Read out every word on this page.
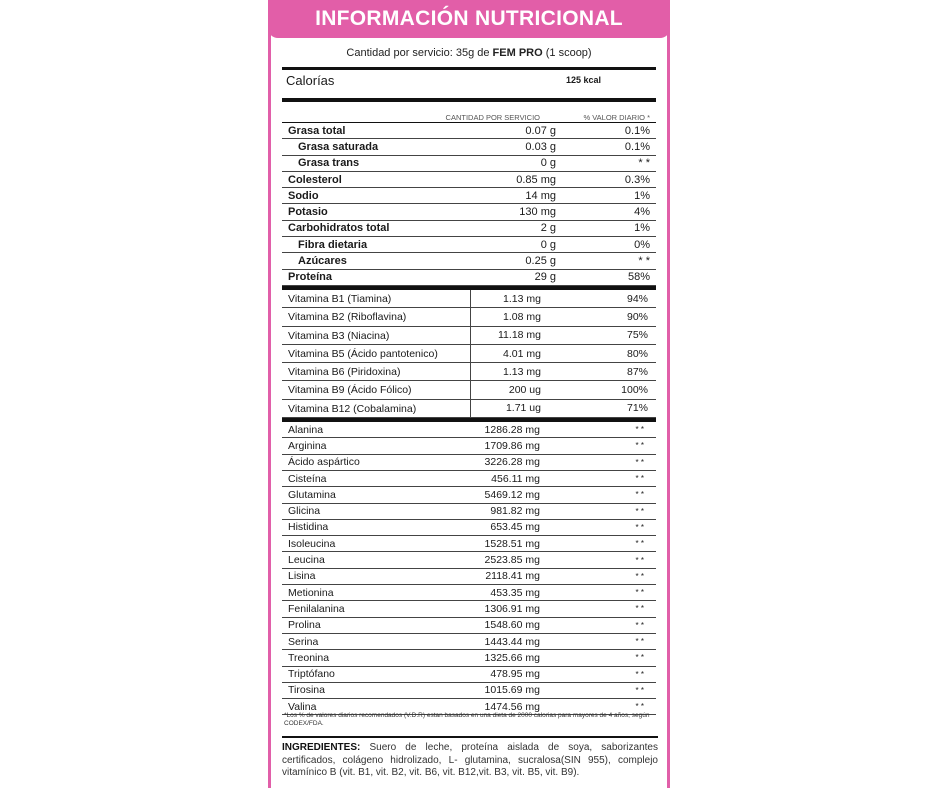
INFORMACIÓN NUTRICIONAL
Cantidad por servicio: 35g de FEM PRO (1 scoop)
Calorías	125 kcal
CANTIDAD POR SERVICIO	% VALOR DIARIO *
Grasa total	0.07 g	0.1%
Grasa saturada	0.03 g	0.1%
Grasa trans	0 g	* *
Colesterol	0.85 mg	0.3%
Sodio	14 mg	1%
Potasio	130 mg	4%
Carbohidratos total	2 g	1%
Fibra dietaria	0 g	0%
Azúcares	0.25 g	* *
Proteína	29 g	58%
Vitamina B1 (Tiamina)	1.13 mg	94%
Vitamina B2 (Riboflavina)	1.08 mg	90%
Vitamina B3 (Niacina)	11.18 mg	75%
Vitamina B5 (Ácido pantotenico)	4.01 mg	80%
Vitamina B6 (Piridoxina)	1.13 mg	87%
Vitamina B9 (Ácido Fólico)	200 ug	100%
Vitamina B12 (Cobalamina)	1.71 ug	71%
Alanina	1286.28 mg	* *
Arginina	1709.86 mg	* *
Ácido aspártico	3226.28 mg	* *
Cisteína	456.11 mg	* *
Glutamina	5469.12 mg	* *
Glicina	981.82 mg	* *
Histidina	653.45 mg	* *
Isoleucina	1528.51 mg	* *
Leucina	2523.85 mg	* *
Lisina	2118.41 mg	* *
Metionina	453.35 mg	* *
Fenilalanina	1306.91 mg	* *
Prolina	1548.60 mg	* *
Serina	1443.44 mg	* *
Treonina	1325.66 mg	* *
Triptófano	478.95 mg	* *
Tirosina	1015.69 mg	* *
Valina	1474.56 mg	* *
*Los % de valores diarios recomendados (V.D.R) estan basados en una dieta de 2000 calorias para mayores de 4 años, según CODEX/FDA.
INGREDIENTES: Suero de leche, proteína aislada de soya, saborizantes certificados, colágeno hidrolizado, L- glutamina, sucralosa(SIN 955), complejo vitamínico B (vit. B1, vit. B2, vit. B6, vit. B12,vit. B3, vit. B5, vit. B9).
